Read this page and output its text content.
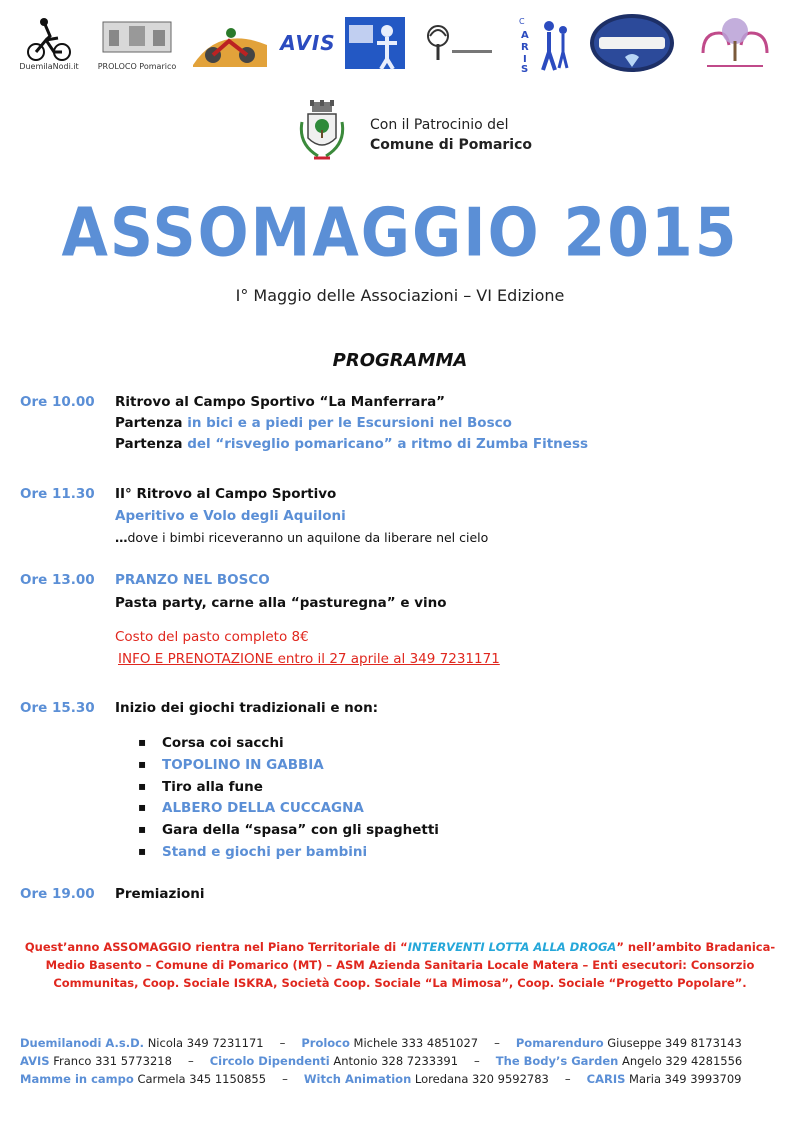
DuemilaNodi.it PROLOCO Pomarico
AVIS
C
A
R
I
S
Con il Patrocinio del
Comune di Pomarico
ASSOMAGGIO 2015
I° Maggio delle Associazioni – VI Edizione
PROGRAMMA
Ore 10.00 Ritrovo al Campo Sportivo “La Manferrara”
Partenza in bici e a piedi per le Escursioni nel Bosco
Partenza del “risveglio pomaricano” a ritmo di Zumba Fitness
Ore 11.30 II° Ritrovo al Campo Sportivo
Aperitivo e Volo degli Aquiloni
…dove i bimbi riceveranno un aquilone da liberare nel cielo
Ore 13.00 PRANZO NEL BOSCO
Pasta party, carne alla “pasturegna” e vino
Costo del pasto completo 8€
INFO E PRENOTAZIONE entro il 27 aprile al 349 7231171
Ore 15.30 Inizio dei giochi tradizionali e non:
▪ Corsa coi sacchi
▪ TOPOLINO IN GABBIA
▪ Tiro alla fune
▪ ALBERO DELLA CUCCAGNA
▪ Gara della “spasa” con gli spaghetti
▪ Stand e giochi per bambini
Ore 19.00 Premiazioni
Quest’anno ASSOMAGGIO rientra nel Piano Territoriale di “INTERVENTI LOTTA ALLA DROGA” nell’ambito Bradanica-
Medio Basento – Comune di Pomarico (MT) – ASM Azienda Sanitaria Locale Matera – Enti esecutori: Consorzio
Communitas, Coop. Sociale ISKRA, Società Coop. Sociale “La Mimosa”, Coop. Sociale “Progetto Popolare”.
Duemilanodi A.s.D. Nicola 349 7231171 – Proloco Michele 333 4851027 – Pomarenduro Giuseppe 349 8173143
AVIS Franco 331 5773218 – Circolo Dipendenti Antonio 328 7233391 – The Body’s Garden Angelo 329 4281556
Mamme in campo Carmela 345 1150855 – Witch Animation Loredana 320 9592783 – CARIS Maria 349 3993709
